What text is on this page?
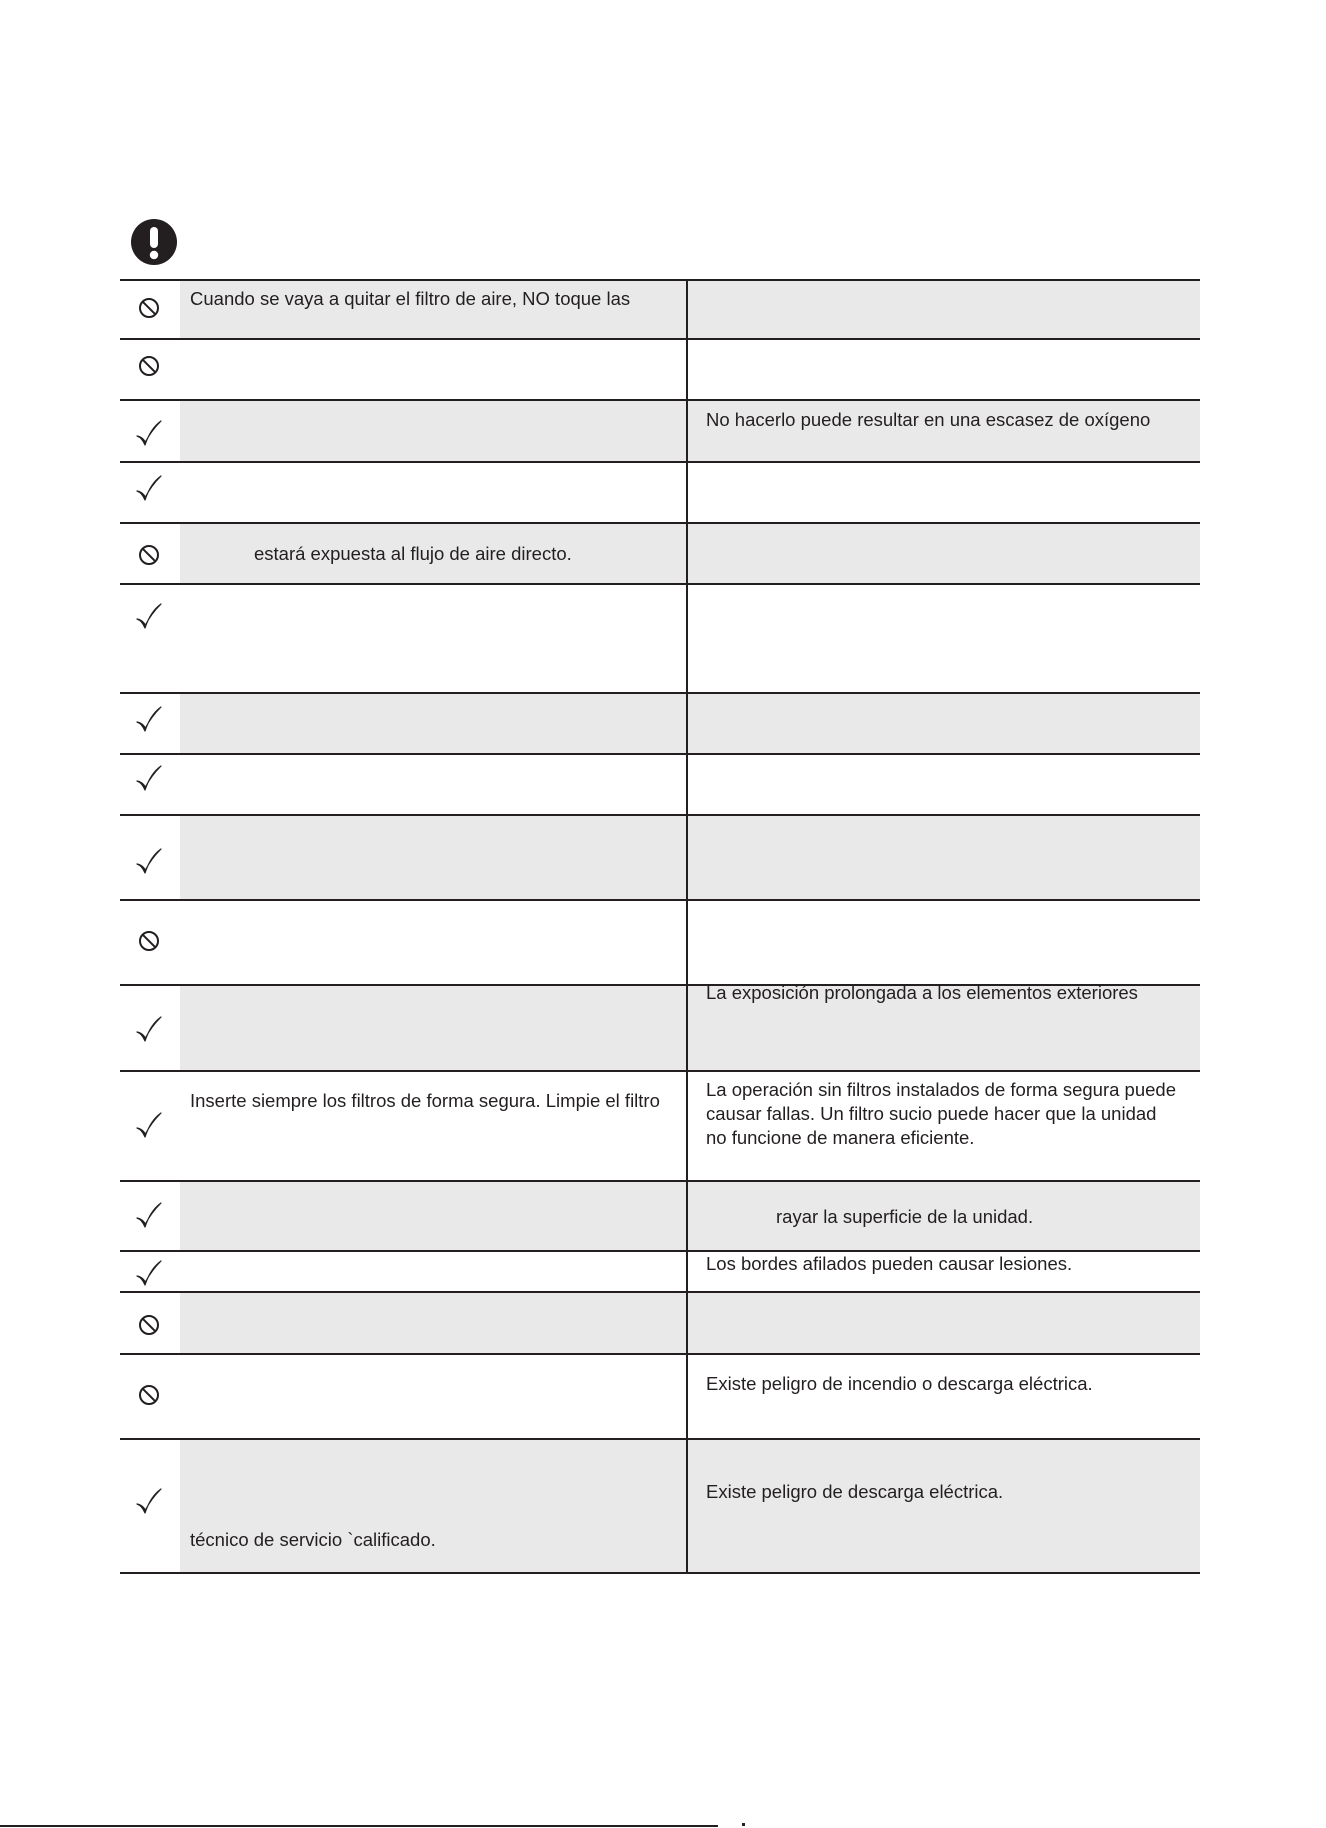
Cuando se vaya a quitar el filtro de aire, NO toque las
No hacerlo puede resultar en una escasez de oxígeno
estará expuesta al flujo de aire directo.
La exposición prolongada a los elementos exteriores
Inserte siempre los filtros de forma segura. Limpie el filtro
La operación sin filtros instalados de forma segura puede
causar fallas. Un filtro sucio puede hacer que la unidad
no funcione de manera eficiente.
rayar la superficie de la unidad.
Los bordes afilados pueden causar lesiones.
Existe peligro de incendio o descarga eléctrica.
técnico de servicio `calificado.
Existe peligro de descarga eléctrica.
